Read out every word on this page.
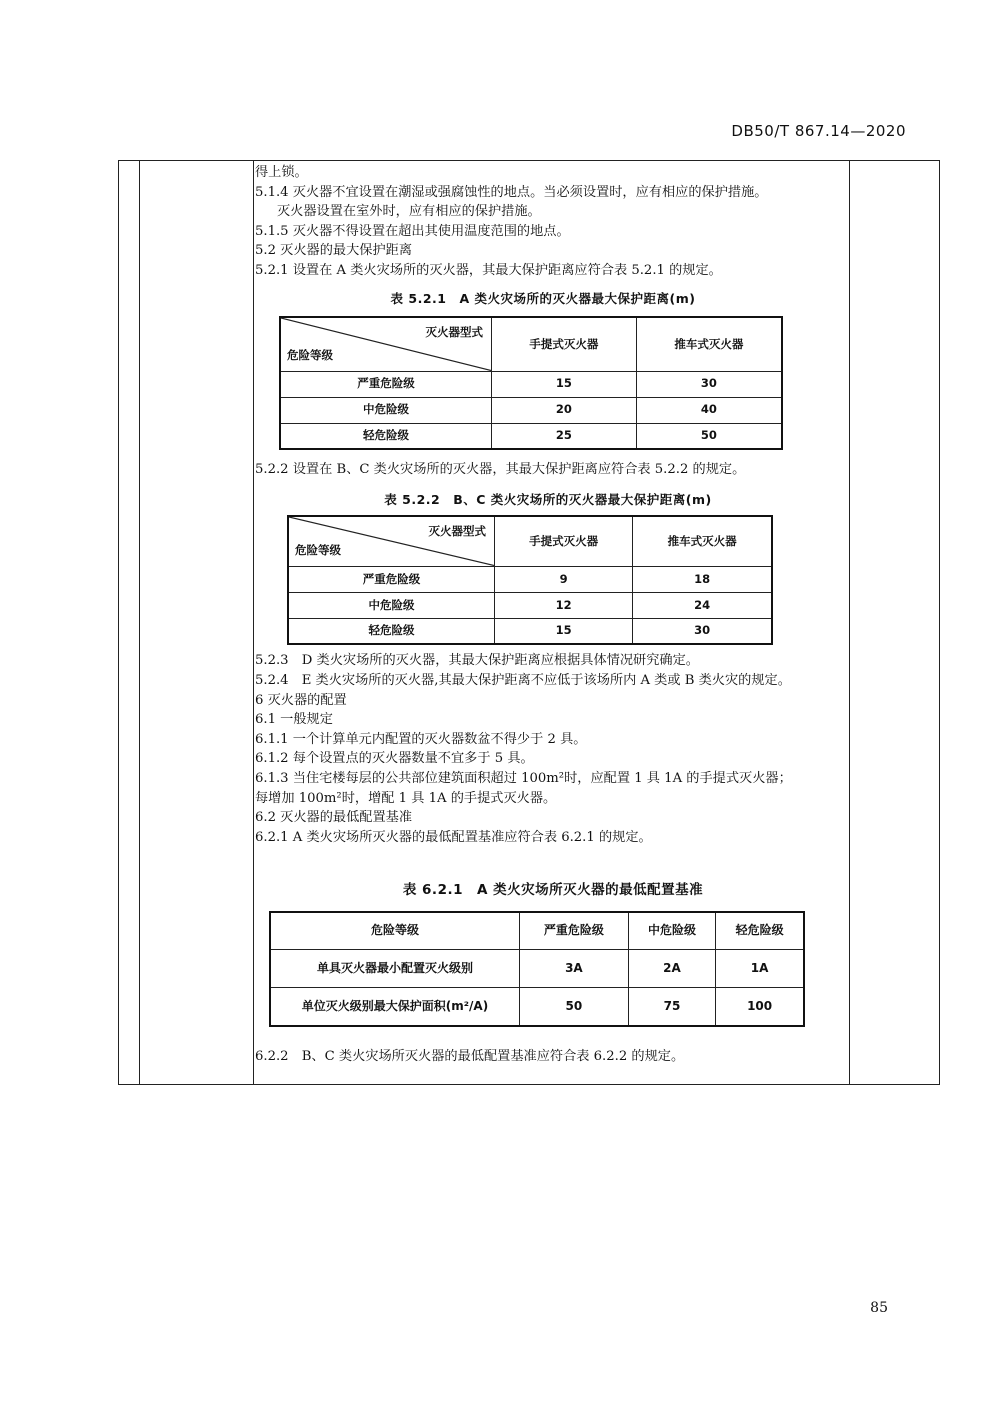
DB50/T 867.14—2020
得上锁。
5.1.4 灭火器不宜设置在潮湿或强腐蚀性的地点。当必须设置时，应有相应的保护措施。
灭火器设置在室外时，应有相应的保护措施。
5.1.5 灭火器不得设置在超出其使用温度范围的地点。
5.2 灭火器的最大保护距离
5.2.1 设置在 A 类火灾场所的灭火器，其最大保护距离应符合表 5.2.1 的规定。
表 5.2.1　A 类火灾场所的灭火器最大保护距离(m)
灭火器型式
危险等级	手提式灭火器	推车式灭火器
严重危险级	15	30
中危险级	20	40
轻危险级	25	50
5.2.2 设置在 B、C 类火灾场所的灭火器，其最大保护距离应符合表 5.2.2 的规定。
表 5.2.2　B、C 类火灾场所的灭火器最大保护距离(m)
灭火器型式
危险等级	手提式灭火器	推车式灭火器
严重危险级	9	18
中危险级	12	24
轻危险级	15	30
5.2.3　D 类火灾场所的灭火器，其最大保护距离应根据具体情况研究确定。
5.2.4　E 类火灾场所的灭火器,其最大保护距离不应低于该场所内 A 类或 B 类火灾的规定。
6 灭火器的配置
6.1 一般规定
6.1.1 一个计算单元内配置的灭火器数盆不得少于 2 具。
6.1.2 每个设置点的灭火器数量不宜多于 5 具。
6.1.3 当住宅楼每层的公共部位建筑面积超过 100m²时，应配置 1 具 1A 的手提式灭火器；
每增加 100m²时，增配 1 具 1A 的手提式灭火器。
6.2 灭火器的最低配置基准
6.2.1 A 类火灾场所灭火器的最低配置基准应符合表 6.2.1 的规定。
表 6.2.1　A 类火灾场所灭火器的最低配置基准
危险等级	严重危险级	中危险级	轻危险级
单具灭火器最小配置灭火级别	3A	2A	1A
单位灭火级别最大保护面积(m²/A)	50	75	100
6.2.2　B、C 类火灾场所灭火器的最低配置基准应符合表 6.2.2 的规定。
85
